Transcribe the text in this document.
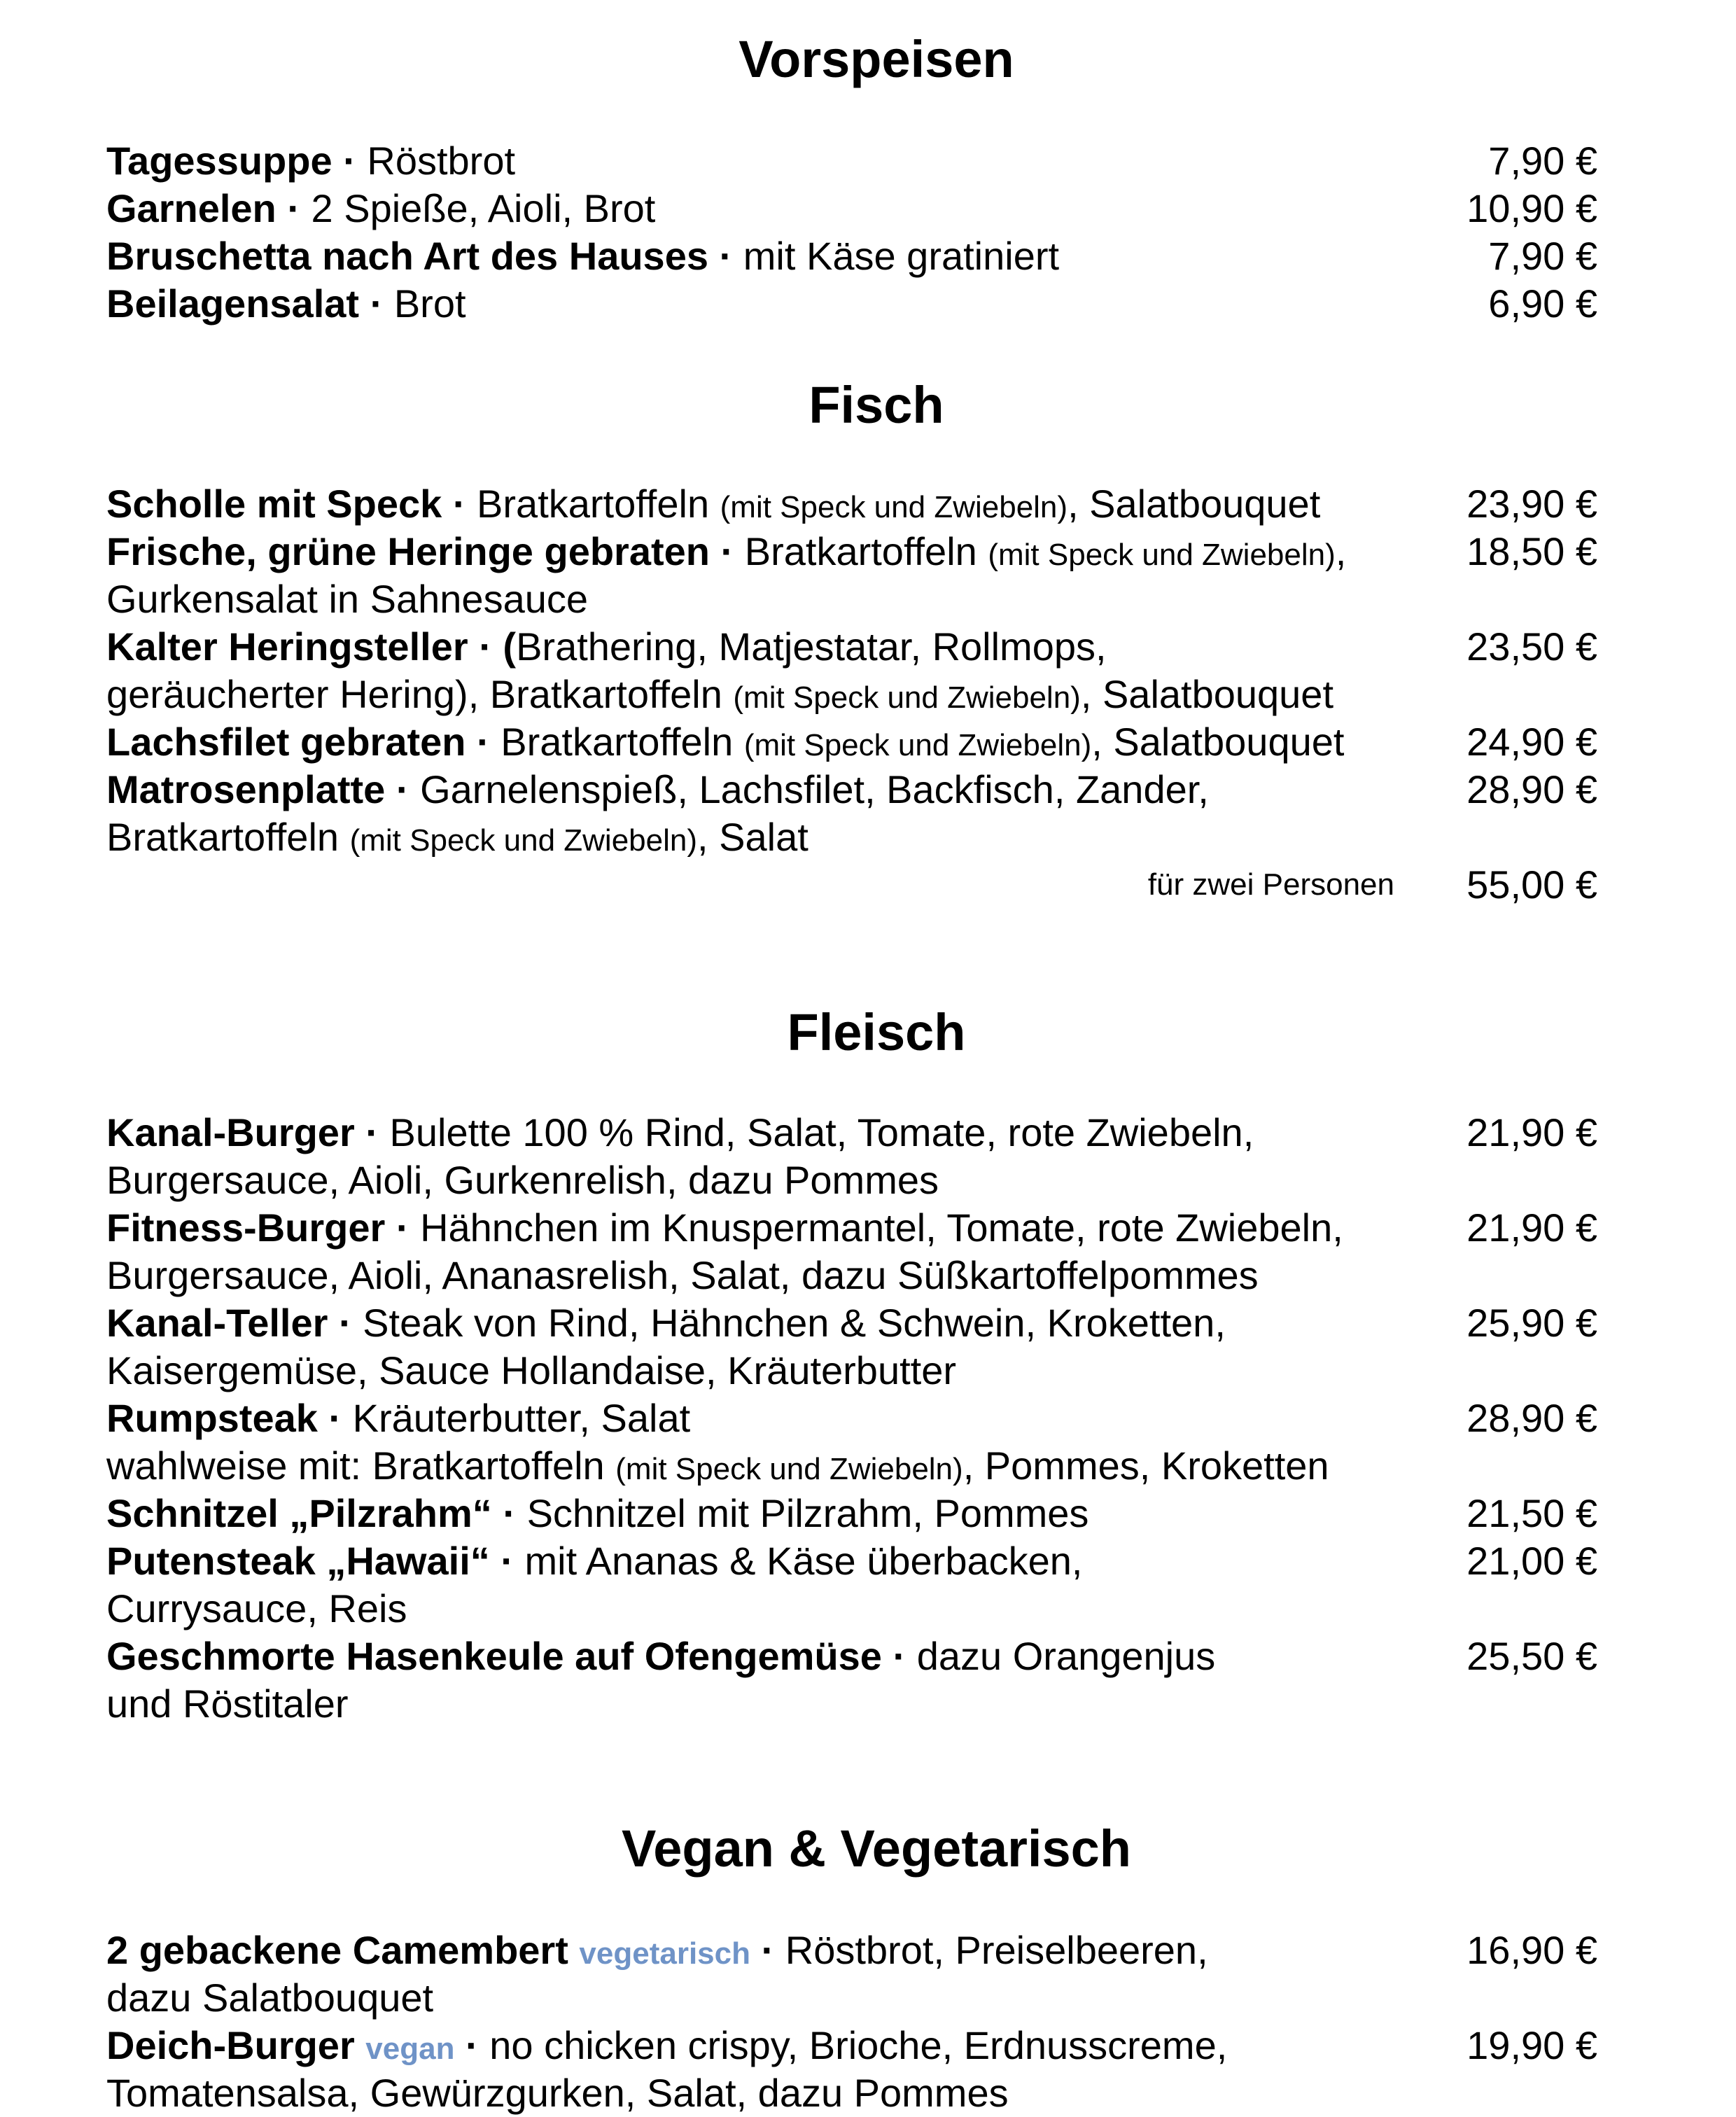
Vorspeisen
Tagessuppe · Röstbrot	7,90 €
Garnelen · 2 Spieße, Aioli, Brot	10,90 €
Bruschetta nach Art des Hauses · mit Käse gratiniert	7,90 €
Beilagensalat · Brot	6,90 €
Fisch
Scholle mit Speck · Bratkartoffeln (mit Speck und Zwiebeln), Salatbouquet	23,90 €
Frische, grüne Heringe gebraten · Bratkartoffeln (mit Speck und Zwiebeln),	18,50 €
Gurkensalat in Sahnesauce
Kalter Heringsteller · (Brathering, Matjestatar, Rollmops,	23,50 €
geräucherter Hering), Bratkartoffeln (mit Speck und Zwiebeln), Salatbouquet
Lachsfilet gebraten · Bratkartoffeln (mit Speck und Zwiebeln), Salatbouquet	24,90 €
Matrosenplatte · Garnelenspieß, Lachsfilet, Backfisch, Zander,	28,90 €
Bratkartoffeln (mit Speck und Zwiebeln), Salat
für zwei Personen 55,00 €
Fleisch
Kanal-Burger · Bulette 100 % Rind, Salat, Tomate, rote Zwiebeln,	21,90 €
Burgersauce, Aioli, Gurkenrelish, dazu Pommes
Fitness-Burger · Hähnchen im Knuspermantel, Tomate, rote Zwiebeln,	21,90 €
Burgersauce, Aioli, Ananasrelish, Salat, dazu Süßkartoffelpommes
Kanal-Teller · Steak von Rind, Hähnchen & Schwein, Kroketten,	25,90 €
Kaisergemüse, Sauce Hollandaise, Kräuterbutter
Rumpsteak · Kräuterbutter, Salat	28,90 €
wahlweise mit: Bratkartoffeln (mit Speck und Zwiebeln), Pommes, Kroketten
Schnitzel „Pilzrahm“ · Schnitzel mit Pilzrahm, Pommes	21,50 €
Putensteak „Hawaii“ · mit Ananas & Käse überbacken,	21,00 €
Currysauce, Reis
Geschmorte Hasenkeule auf Ofengemüse · dazu Orangenjus	25,50 €
und Röstitaler
Vegan & Vegetarisch
2 gebackene Camembert vegetarisch · Röstbrot, Preiselbeeren,	16,90 €
dazu Salatbouquet
Deich-Burger vegan · no chicken crispy, Brioche, Erdnusscreme,	19,90 €
Tomatensalsa, Gewürzgurken, Salat, dazu Pommes
